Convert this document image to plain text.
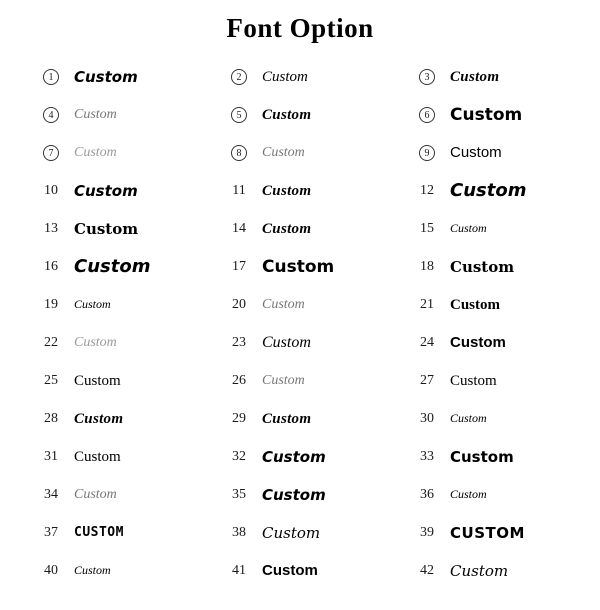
Font Option
1	Custom	2	Custom	3	Custom
4	Custom	5	Custom	6	Custom
7	Custom	8	Custom	9	Custom
10	Custom	11	Custom	12 Custom
13	Custom	14	Custom	15	Custom
16 Custom	17 Custom	18	Custom
19	Custom	20	Custom	21	Custom
22	Custom	23	Custom	24	Custom
25	Custom	26	Custom	27	Custom
28	Custom	29	Custom	30	Custom
31	Custom	32	Custom	33	Custom
34	Custom	35	Custom	36	Custom
37	CUSTOM	38	Custom	39	CUSTOM
40	Custom	41	Custom	42	Custom
